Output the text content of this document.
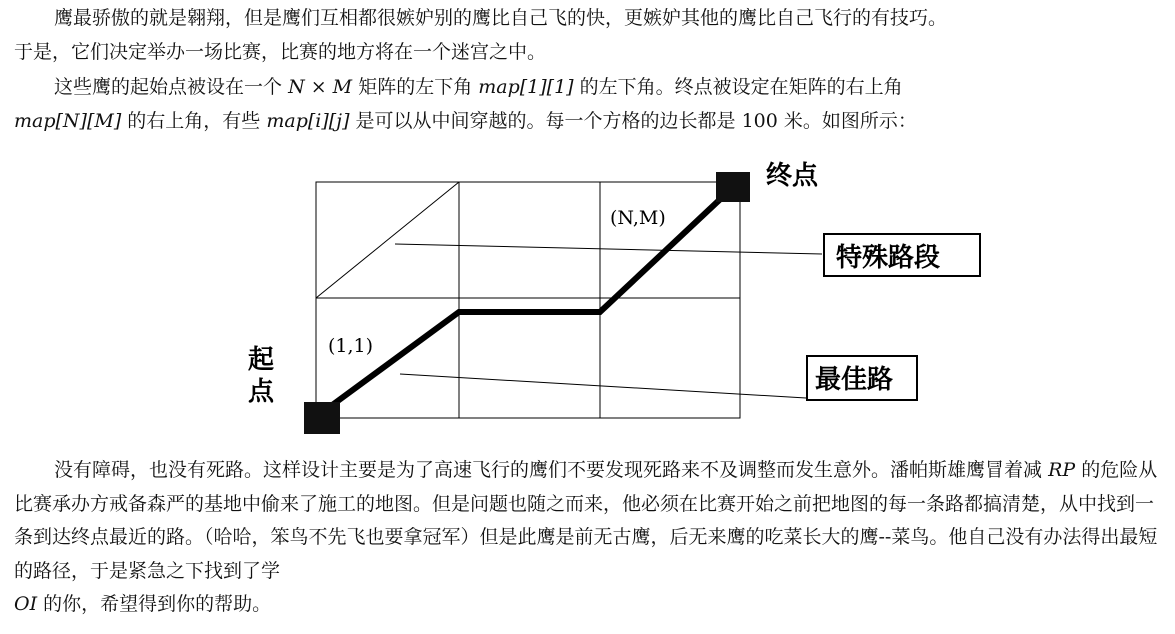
鹰最骄傲的就是翱翔，但是鹰们互相都很嫉妒别的鹰比自己飞的快，更嫉妒其他的鹰比自己飞行的有技巧。
于是，它们决定举办一场比赛，比赛的地方将在一个迷宫之中。

这些鹰的起始点被设在一个 N × M 矩阵的左下角 map[1][1] 的左下角。终点被设定在矩阵的右上角
map[N][M] 的右上角，有些 map[i][j] 是可以从中间穿越的。每一个方格的边长都是 100 米。如图所示：

终点
起
点
(1,1)
(N,M)
特殊路段
最佳路

没有障碍，也没有死路。这样设计主要是为了高速飞行的鹰们不要发现死路来不及调整而发生意外。潘帕斯雄鹰冒着减 RP 的危险从比赛承办方戒备森严的基地中偷来了施工的地图。但是问题也随之而来，他必须在比赛开始之前把地图的每一条路都搞清楚，从中找到一条到达终点最近的路。（哈哈，笨鸟不先飞也要拿冠军）但是此鹰是前无古鹰，后无来鹰的吃菜长大的鹰--菜鸟。他自己没有办法得出最短的路径，于是紧急之下找到了学
OI 的你，希望得到你的帮助。
